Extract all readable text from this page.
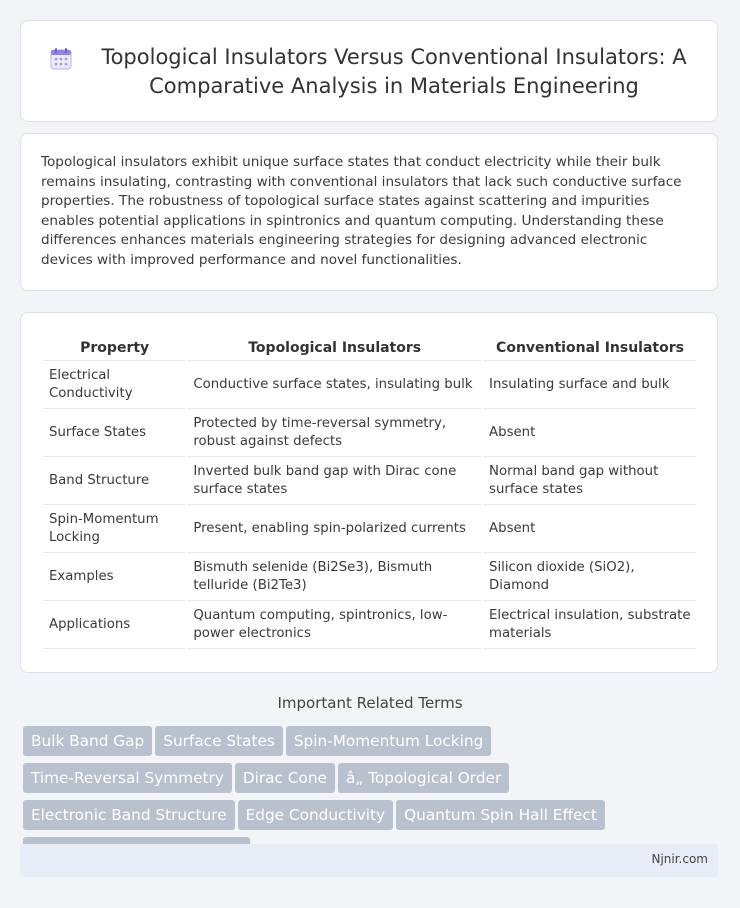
Topological Insulators Versus Conventional Insulators: A Comparative Analysis in Materials Engineering

Topological insulators exhibit unique surface states that conduct electricity while their bulk remains insulating, contrasting with conventional insulators that lack such conductive surface properties. The robustness of topological surface states against scattering and impurities enables potential applications in spintronics and quantum computing. Understanding these differences enhances materials engineering strategies for designing advanced electronic devices with improved performance and novel functionalities.

Property	Topological Insulators	Conventional Insulators
Electrical Conductivity	Conductive surface states, insulating bulk	Insulating surface and bulk
Surface States	Protected by time-reversal symmetry, robust against defects	Absent
Band Structure	Inverted bulk band gap with Dirac cone surface states	Normal band gap without surface states
Spin-Momentum Locking	Present, enabling spin-polarized currents	Absent
Examples	Bismuth selenide (Bi2Se3), Bismuth telluride (Bi2Te3)	Silicon dioxide (SiO2), Diamond
Applications	Quantum computing, spintronics, low-power electronics	Electrical insulation, substrate materials
Important Related Terms
Bulk Band Gap Surface States Spin-Momentum LockingTime-Reversal Symmetry Dirac Cone â„ Topological OrderElectronic Band Structure Edge Conductivity Quantum Spin Hall Effect
Njnir.com
